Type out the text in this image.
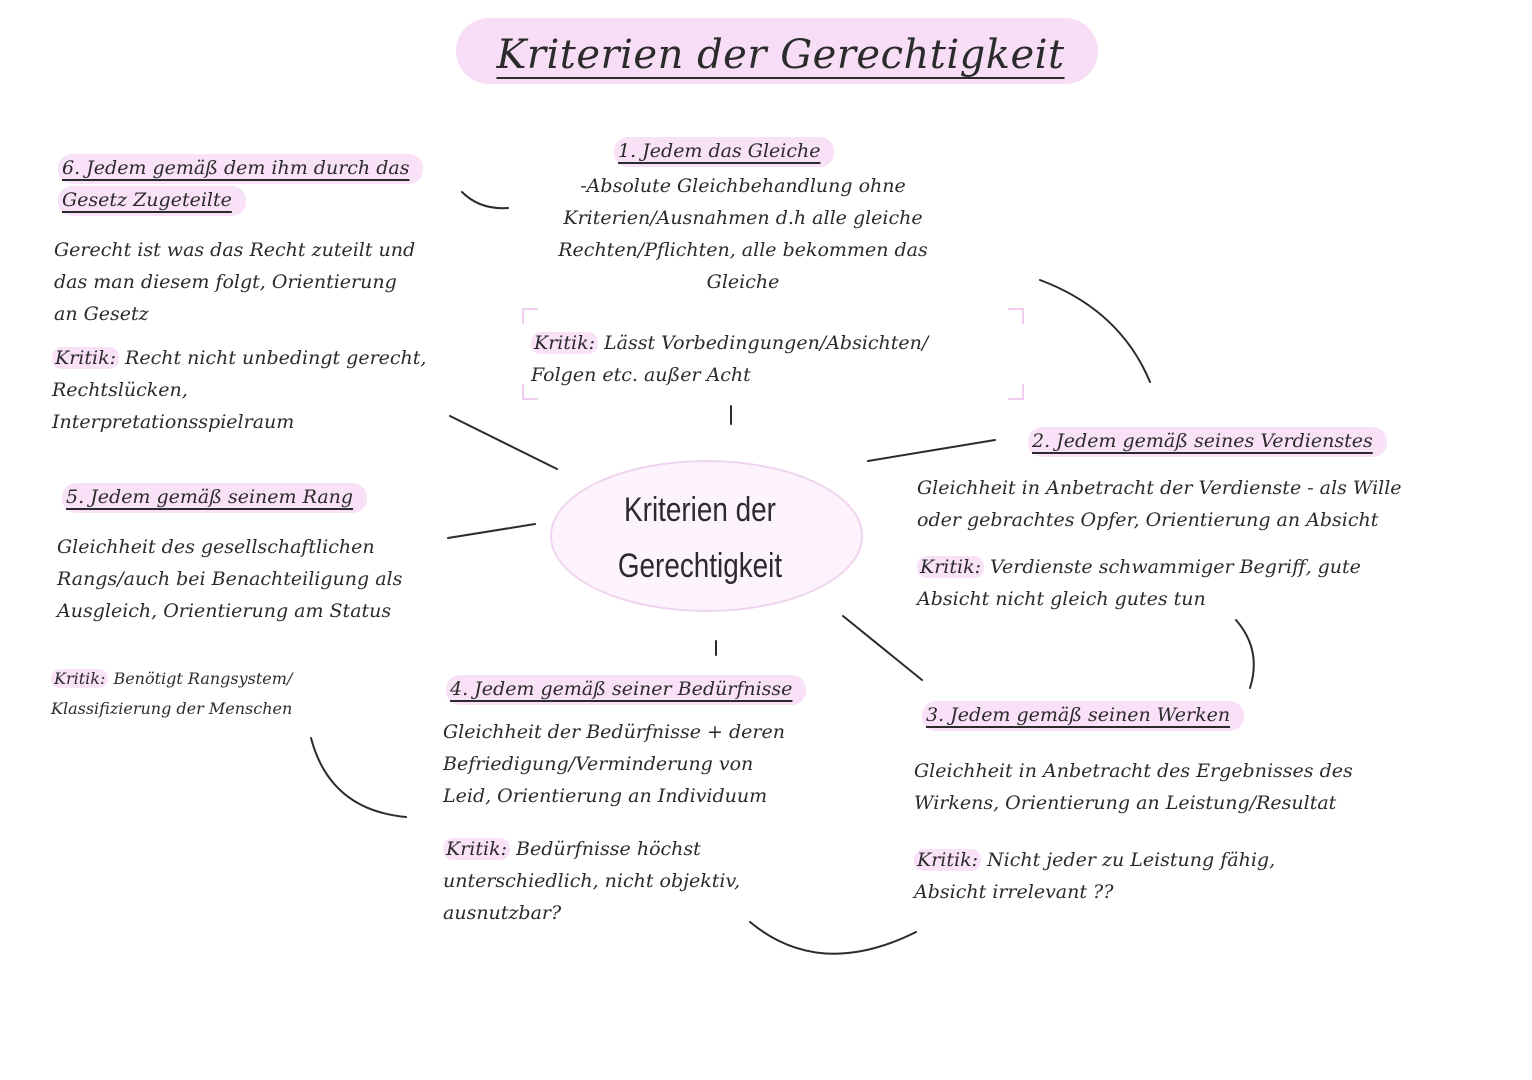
Kriterien der Gerechtigkeit
Kriterien der
Gerechtigkeit
1. Jedem das Gleiche
-Absolute Gleichbehandlung ohne
Kriterien/Ausnahmen d.h alle gleiche
Rechten/Pflichten, alle bekommen das
Gleiche
Kritik: Lässt Vorbedingungen/Absichten/
Folgen etc. außer Acht
2. Jedem gemäß seines Verdienstes
Gleichheit in Anbetracht der Verdienste - als Wille
oder gebrachtes Opfer, Orientierung an Absicht
Kritik: Verdienste schwammiger Begriff, gute
Absicht nicht gleich gutes tun
3. Jedem gemäß seinen Werken
Gleichheit in Anbetracht des Ergebnisses des
Wirkens, Orientierung an Leistung/Resultat
Kritik: Nicht jeder zu Leistung fähig,
Absicht irrelevant ??
4. Jedem gemäß seiner Bedürfnisse
Gleichheit der Bedürfnisse + deren
Befriedigung/Verminderung von
Leid, Orientierung an Individuum
Kritik: Bedürfnisse höchst
unterschiedlich, nicht objektiv,
ausnutzbar?
5. Jedem gemäß seinem Rang
Gleichheit des gesellschaftlichen
Rangs/auch bei Benachteiligung als
Ausgleich, Orientierung am Status
Kritik: Benötigt Rangsystem/
Klassifizierung der Menschen
6. Jedem gemäß dem ihm durch das
Gesetz Zugeteilte
Gerecht ist was das Recht zuteilt und
das man diesem folgt, Orientierung
an Gesetz
Kritik: Recht nicht unbedingt gerecht,
Rechtslücken,
Interpretationsspielraum
